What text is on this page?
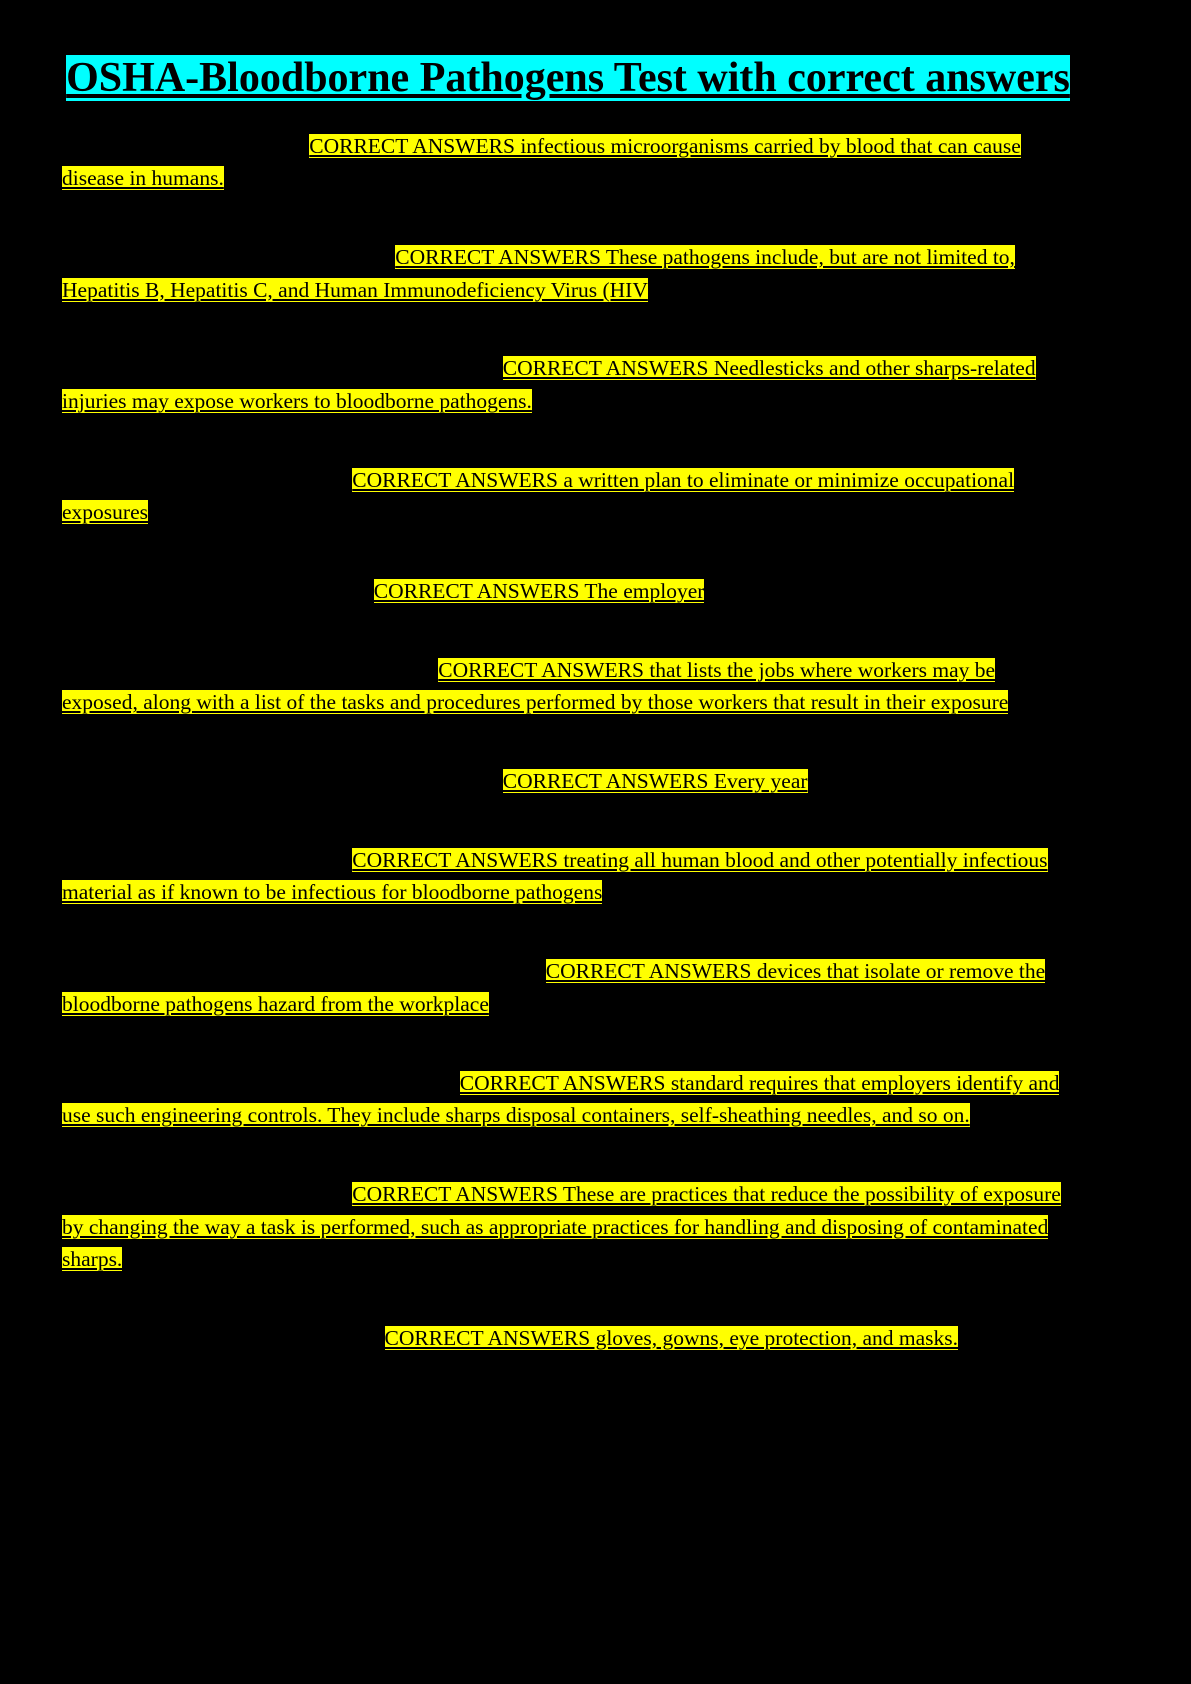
OSHA-Bloodborne Pathogens Test with correct answers

CORRECT ANSWERS infectious microorganisms carried by blood that can cause disease in humans.

CORRECT ANSWERS These pathogens include, but are not limited to, Hepatitis B, Hepatitis C, and Human Immunodeficiency Virus (HIV

CORRECT ANSWERS Needlesticks and other sharps-related injuries may expose workers to bloodborne pathogens.

CORRECT ANSWERS a written plan to eliminate or minimize occupational exposures

CORRECT ANSWERS The employer

CORRECT ANSWERS that lists the jobs where workers may be exposed, along with a list of the tasks and procedures performed by those workers that result in their exposure

CORRECT ANSWERS Every year

CORRECT ANSWERS treating all human blood and other potentially infectious material as if known to be infectious for bloodborne pathogens

CORRECT ANSWERS devices that isolate or remove the bloodborne pathogens hazard from the workplace

CORRECT ANSWERS standard requires that employers identify and use such engineering controls. They include sharps disposal containers, self-sheathing needles, and so on.

CORRECT ANSWERS These are practices that reduce the possibility of exposure by changing the way a task is performed, such as appropriate practices for handling and disposing of contaminated sharps.

CORRECT ANSWERS gloves, gowns, eye protection, and masks.
